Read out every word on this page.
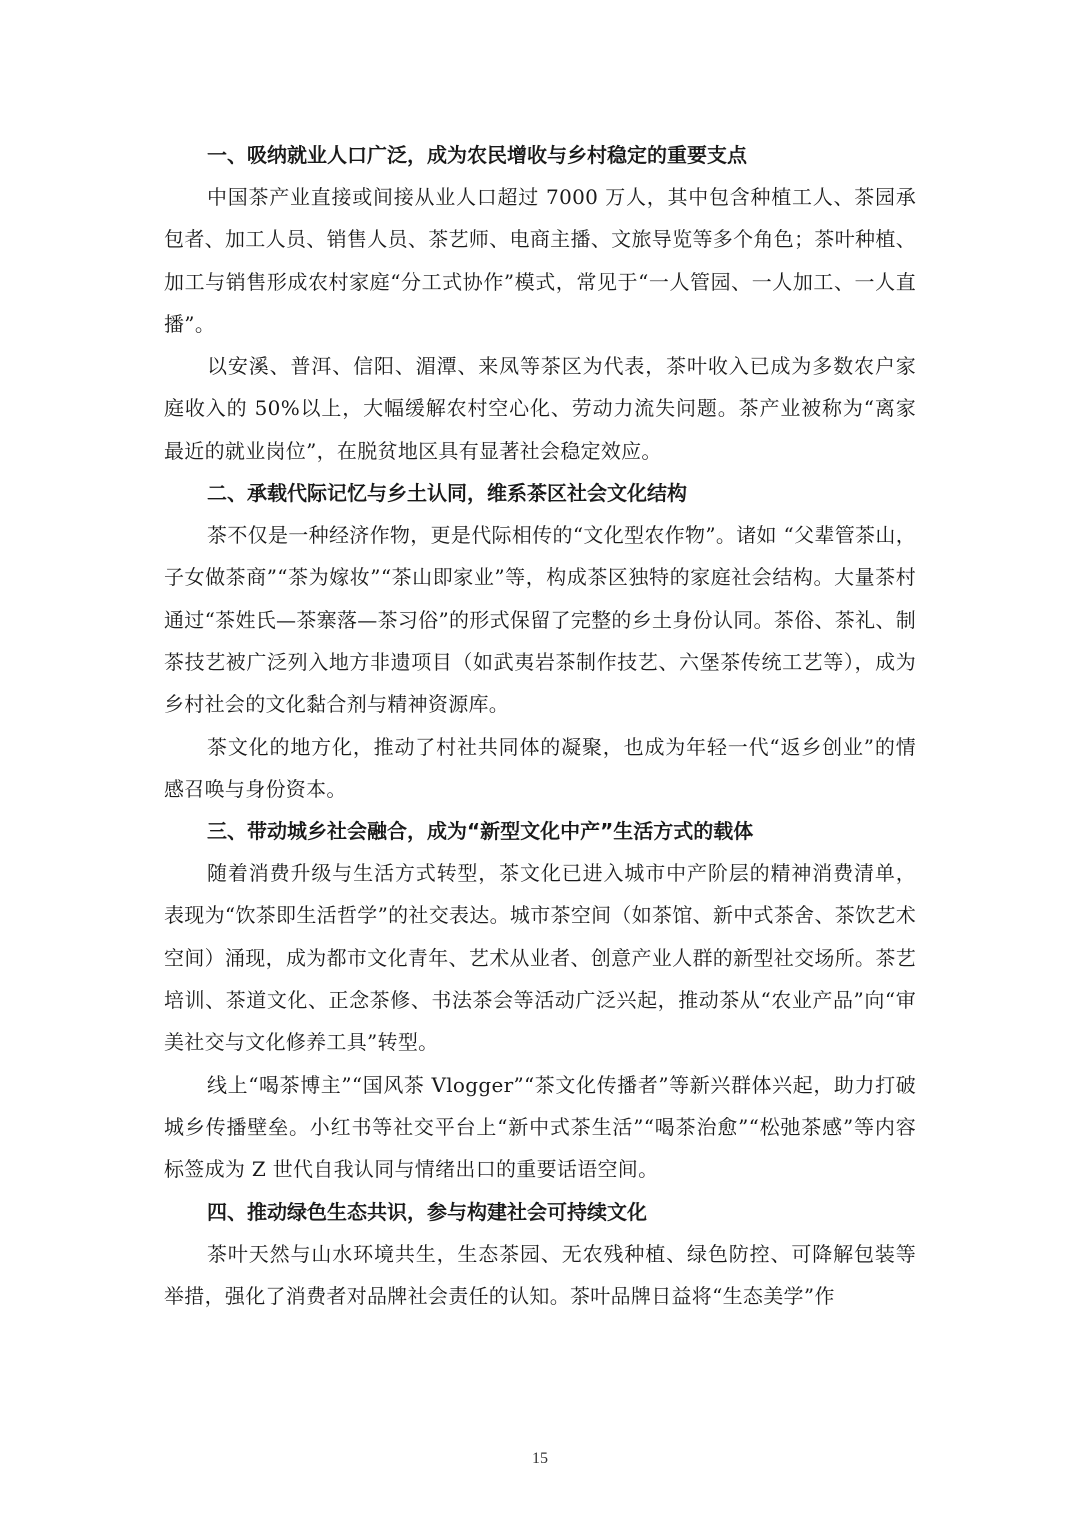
一、吸纳就业人口广泛，成为农民增收与乡村稳定的重要支点

中国茶产业直接或间接从业人口超过 7000 万人，其中包含种植工人、茶园承包者、加工人员、销售人员、茶艺师、电商主播、文旅导览等多个角色；茶叶种植、加工与销售形成农村家庭“分工式协作”模式，常见于“一人管园、一人加工、一人直播”。

以安溪、普洱、信阳、湄潭、来凤等茶区为代表，茶叶收入已成为多数农户家庭收入的 50%以上，大幅缓解农村空心化、劳动力流失问题。茶产业被称为“离家最近的就业岗位”，在脱贫地区具有显著社会稳定效应。

二、承载代际记忆与乡土认同，维系茶区社会文化结构

茶不仅是一种经济作物，更是代际相传的“文化型农作物”。诸如 “父辈管茶山，子女做茶商”“茶为嫁妆”“茶山即家业”等，构成茶区独特的家庭社会结构。大量茶村通过“茶姓氏—茶寨落—茶习俗”的形式保留了完整的乡土身份认同。茶俗、茶礼、制茶技艺被广泛列入地方非遗项目（如武夷岩茶制作技艺、六堡茶传统工艺等），成为乡村社会的文化黏合剂与精神资源库。

茶文化的地方化，推动了村社共同体的凝聚，也成为年轻一代“返乡创业”的情感召唤与身份资本。

三、带动城乡社会融合，成为“新型文化中产”生活方式的载体

随着消费升级与生活方式转型，茶文化已进入城市中产阶层的精神消费清单，表现为“饮茶即生活哲学”的社交表达。城市茶空间（如茶馆、新中式茶舍、茶饮艺术空间）涌现，成为都市文化青年、艺术从业者、创意产业人群的新型社交场所。茶艺培训、茶道文化、正念茶修、书法茶会等活动广泛兴起，推动茶从“农业产品”向“审美社交与文化修养工具”转型。

线上“喝茶博主”“国风茶 Vlogger”“茶文化传播者”等新兴群体兴起，助力打破城乡传播壁垒。小红书等社交平台上“新中式茶生活”“喝茶治愈”“松弛茶感”等内容标签成为 Z 世代自我认同与情绪出口的重要话语空间。

四、推动绿色生态共识，参与构建社会可持续文化

茶叶天然与山水环境共生，生态茶园、无农残种植、绿色防控、可降解包装等举措，强化了消费者对品牌社会责任的认知。茶叶品牌日益将“生态美学”作

15
